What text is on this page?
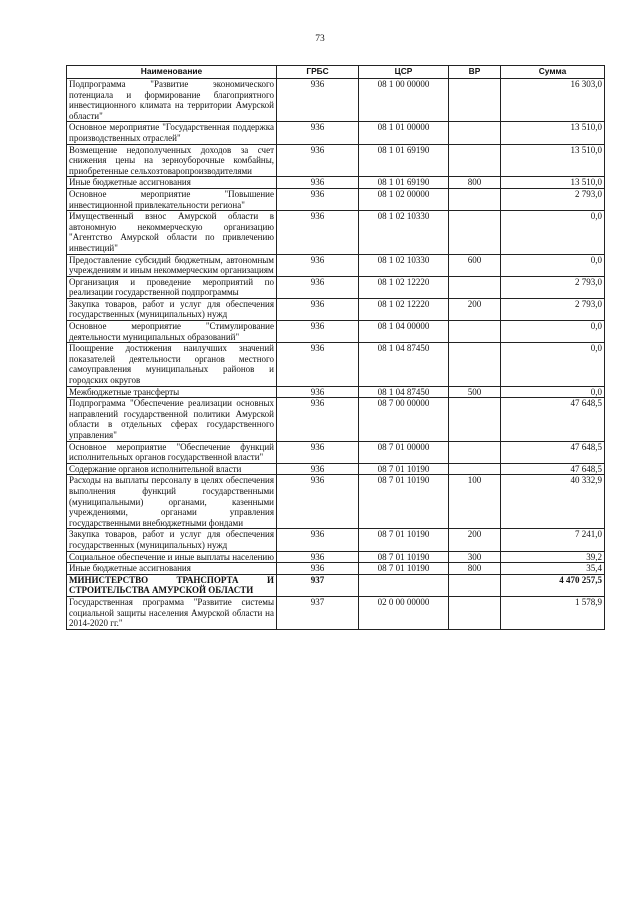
73
Наименование	ГРБС	ЦСР	ВР	Сумма
Подпрограмма "Развитие экономического потенциала и формирование благоприятного инвестиционного климата на территории Амурской области"	936	08 1 00 00000		16 303,0
Основное мероприятие "Государственная поддержка производственных отраслей"	936	08 1 01 00000		13 510,0
Возмещение недополученных доходов за счет снижения цены на зерноуборочные комбайны, приобретенные сельхозтоваропроизводителями	936	08 1 01 69190		13 510,0
Иные бюджетные ассигнования	936	08 1 01 69190	800	13 510,0
Основное мероприятие "Повышение инвестиционной привлекательности региона"	936	08 1 02 00000		2 793,0
Имущественный взнос Амурской области в автономную некоммерческую организацию "Агентство Амурской области по привлечению инвестиций"	936	08 1 02 10330		0,0
Предоставление субсидий бюджетным, автономным учреждениям и иным некоммерческим организациям	936	08 1 02 10330	600	0,0
Организация и проведение мероприятий по реализации государственной подпрограммы	936	08 1 02 12220		2 793,0
Закупка товаров, работ и услуг для обеспечения государственных (муниципальных) нужд	936	08 1 02 12220	200	2 793,0
Основное мероприятие "Стимулирование деятельности муниципальных образований"	936	08 1 04 00000		0,0
Поощрение достижения наилучших значений показателей деятельности органов местного самоуправления муниципальных районов и городских округов	936	08 1 04 87450		0,0
Межбюджетные трансферты	936	08 1 04 87450	500	0,0
Подпрограмма "Обеспечение реализации основных направлений государственной политики Амурской области в отдельных сферах государственного управления"	936	08 7 00 00000		47 648,5
Основное мероприятие "Обеспечение функций исполнительных органов государственной власти"	936	08 7 01 00000		47 648,5
Содержание органов исполнительной власти	936	08 7 01 10190		47 648,5
Расходы на выплаты персоналу в целях обеспечения выполнения функций государственными (муниципальными) органами, казенными учреждениями, органами управления государственными внебюджетными фондами	936	08 7 01 10190	100	40 332,9
Закупка товаров, работ и услуг для обеспечения государственных (муниципальных) нужд	936	08 7 01 10190	200	7 241,0
Социальное обеспечение и иные выплаты населению	936	08 7 01 10190	300	39,2
Иные бюджетные ассигнования	936	08 7 01 10190	800	35,4
МИНИСТЕРСТВО ТРАНСПОРТА И СТРОИТЕЛЬСТВА АМУРСКОЙ ОБЛАСТИ	937			4 470 257,5
Государственная программа "Развитие системы социальной защиты населения Амурской области на 2014-2020 гг."	937	02 0 00 00000		1 578,9
